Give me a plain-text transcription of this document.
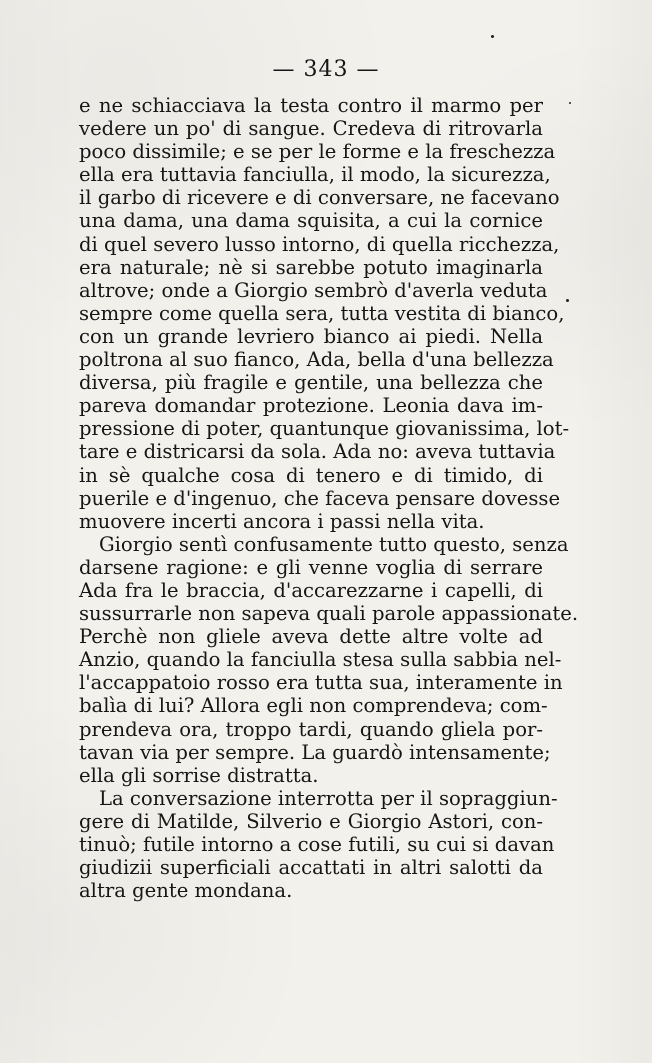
— 343 —
e ne schiacciava la testa contro il marmo per
vedere un po' di sangue. Credeva di ritrovarla
poco dissimile; e se per le forme e la freschezza
ella era tuttavia fanciulla, il modo, la sicurezza,
il garbo di ricevere e di conversare, ne facevano
una dama, una dama squisita, a cui la cornice
di quel severo lusso intorno, di quella ricchezza,
era naturale; nè si sarebbe potuto imaginarla
altrove; onde a Giorgio sembrò d'averla veduta
sempre come quella sera, tutta vestita di bianco,
con un grande levriero bianco ai piedi. Nella
poltrona al suo fianco, Ada, bella d'una bellezza
diversa, più fragile e gentile, una bellezza che
pareva domandar protezione. Leonia dava im-
pressione di poter, quantunque giovanissima, lot-
tare e districarsi da sola. Ada no: aveva tuttavia
in sè qualche cosa di tenero e di timido, di
puerile e d'ingenuo, che faceva pensare dovesse
muovere incerti ancora i passi nella vita.
Giorgio sentì confusamente tutto questo, senza
darsene ragione: e gli venne voglia di serrare
Ada fra le braccia, d'accarezzarne i capelli, di
sussurrarle non sapeva quali parole appassionate.
Perchè non gliele aveva dette altre volte ad
Anzio, quando la fanciulla stesa sulla sabbia nel-
l'accappatoio rosso era tutta sua, interamente in
balìa di lui? Allora egli non comprendeva; com-
prendeva ora, troppo tardi, quando gliela por-
tavan via per sempre. La guardò intensamente;
ella gli sorrise distratta.
La conversazione interrotta per il sopraggiun-
gere di Matilde, Silverio e Giorgio Astori, con-
tinuò; futile intorno a cose futili, su cui si davan
giudizii superficiali accattati in altri salotti da
altra gente mondana.
